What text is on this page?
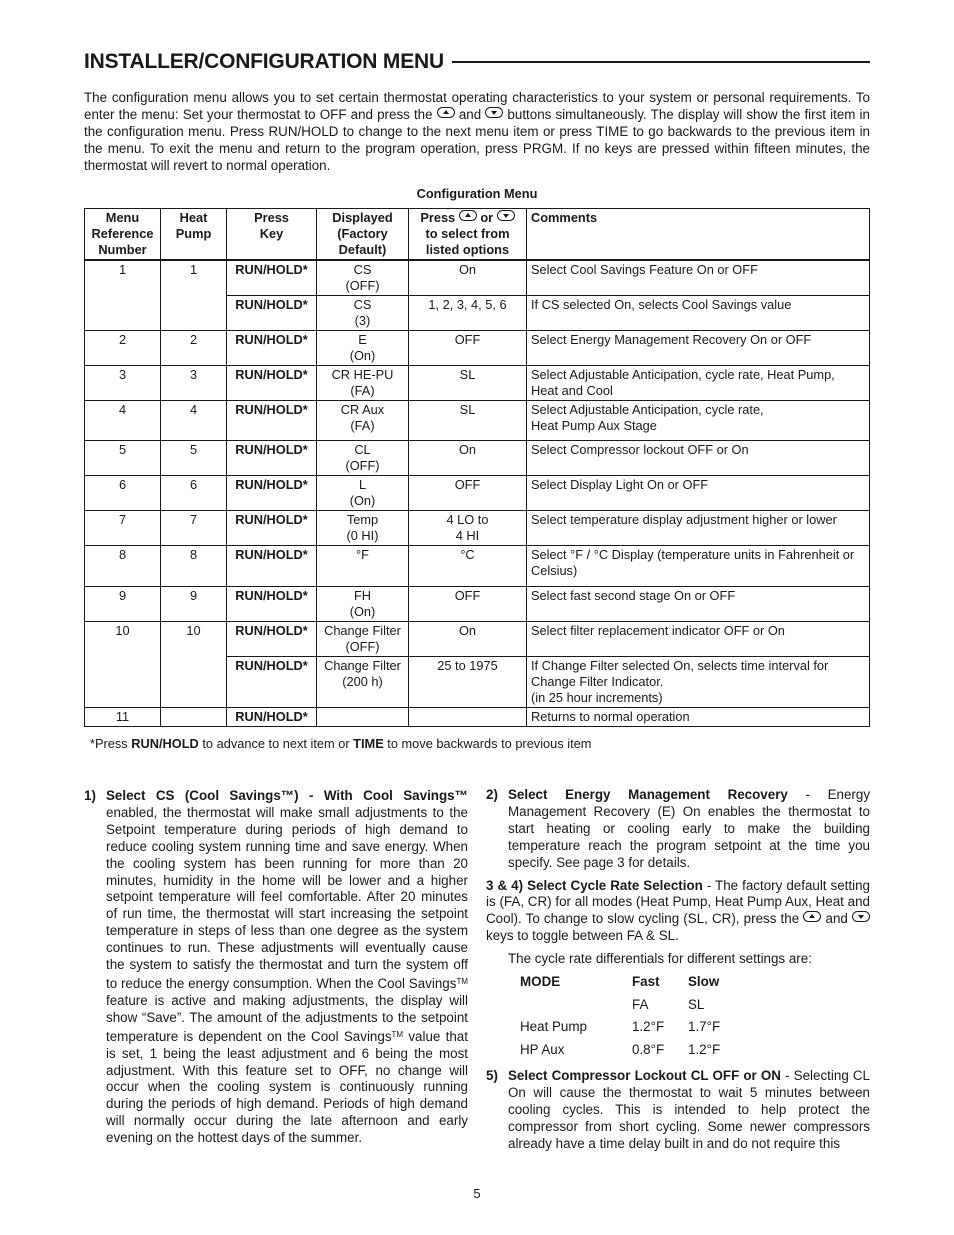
INSTALLER/CONFIGURATION MENU

The configuration menu allows you to set certain thermostat operating characteristics to your system or personal requirements. To enter the menu: Set your thermostat to OFF and press the and buttons simultaneously. The display will show the first item in the configuration menu. Press RUN/HOLD to change to the next menu item or press TIME to go backwards to the previous item in the menu. To exit the menu and return to the program operation, press PRGM. If no keys are pressed within fifteen minutes, the thermostat will revert to normal operation.

Configuration Menu
Menu
Reference
Number	Heat
Pump	Press
Key	Displayed
(Factory
Default)	Press or
to select from
listed options	Comments
1	1	RUN/HOLD*	CS
(OFF)	On	Select Cool Savings Feature On or OFF
		RUN/HOLD*	CS
(3)	1, 2, 3, 4, 5, 6	If CS selected On, selects Cool Savings value
2	2	RUN/HOLD*	E
(On)	OFF	Select Energy Management Recovery On or OFF
3	3	RUN/HOLD*	CR HE-PU
(FA)	SL	Select Adjustable Anticipation, cycle rate, Heat Pump, Heat and Cool
4	4	RUN/HOLD*	CR Aux
(FA)	SL	Select Adjustable Anticipation, cycle rate,
Heat Pump Aux Stage
5	5	RUN/HOLD*	CL
(OFF)	On	Select Compressor lockout OFF or On
6	6	RUN/HOLD*	L
(On)	OFF	Select Display Light On or OFF
7	7	RUN/HOLD*	Temp
(0 HI)	4 LO to
4 HI	Select temperature display adjustment higher or lower
8	8	RUN/HOLD*	°F	°C	Select °F / °C Display (temperature units in Fahrenheit or Celsius)
9	9	RUN/HOLD*	FH
(On)	OFF	Select fast second stage On or OFF
10	10	RUN/HOLD*	Change Filter
(OFF)	On	Select filter replacement indicator OFF or On
		RUN/HOLD*	Change Filter
(200 h)	25 to 1975	If Change Filter selected On, selects time interval for Change Filter Indicator.
(in 25 hour increments)
11		RUN/HOLD*			Returns to normal operation
*Press RUN/HOLD to advance to next item or TIME to move backwards to previous item
1) Select CS (Cool Savings™) - With Cool Savings™ enabled, the thermostat will make small adjustments to the Setpoint temperature during periods of high demand to reduce cooling system running time and save energy. When the cooling system has been running for more than 20 minutes, humidity in the home will be lower and a higher setpoint temperature will feel comfortable. After 20 minutes of run time, the thermostat will start increasing the setpoint temperature in steps of less than one degree as the system continues to run. These adjustments will eventually cause the system to satisfy the thermostat and turn the system off to reduce the energy consumption. When the Cool Savings™ feature is active and making adjustments, the display will show “Save”. The amount of the adjustments to the setpoint temperature is dependent on the Cool Savings™ value that is set, 1 being the least adjustment and 6 being the most adjustment. With this feature set to OFF, no change will occur when the cooling system is continuously running during the periods of high demand. Periods of high demand will normally occur during the late afternoon and early evening on the hottest days of the summer.
2) Select Energy Management Recovery - Energy Management Recovery (E) On enables the thermostat to start heating or cooling early to make the building temperature reach the program setpoint at the time you specify. See page 3 for details.
3 & 4) Select Cycle Rate Selection - The factory default setting is (FA, CR) for all modes (Heat Pump, Heat Pump Aux, Heat and Cool). To change to slow cycling (SL, CR), press the and  keys to toggle between FA & SL.

The cycle rate differentials for different settings are:

MODE	Fast	Slow
	FA	SL
Heat Pump	1.2°F	1.7°F
HP Aux	0.8°F	1.2°F
5) Select Compressor Lockout CL OFF or ON - Selecting CL On will cause the thermostat to wait 5 minutes between cooling cycles. This is intended to help protect the compressor from short cycling. Some newer compressors already have a time delay built in and do not require this
5
